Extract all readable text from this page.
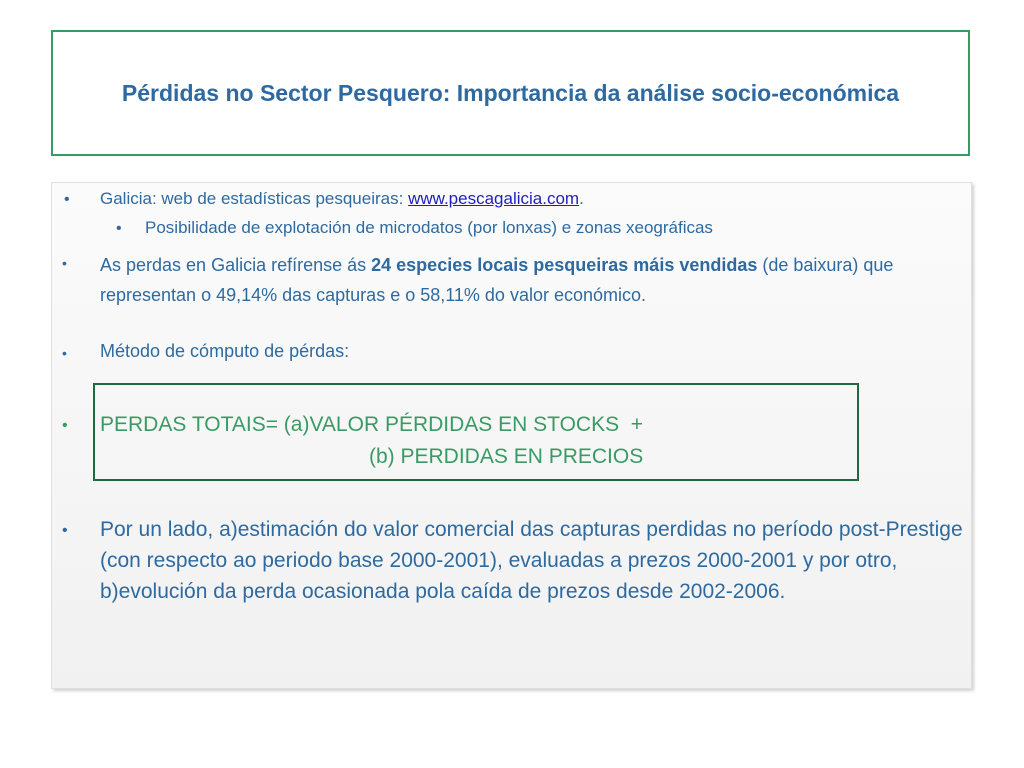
Pérdidas no Sector Pesquero: Importancia da análise socio-económica
• Galicia: web de estadísticas pesqueiras: www.pescagalicia.com.
• Posibilidade de explotación de microdatos (por lonxas) e zonas xeográficas
• As perdas en Galicia refírense ás 24 especies locais pesqueiras máis vendidas (de baixura) que representan o 49,14% das capturas e o 58,11% do valor económico.
• Método de cómputo de pérdas:
• PERDAS TOTAIS= (a)VALOR PÉRDIDAS EN STOCKS  +
(b) PERDIDAS EN PRECIOS
• Por un lado, a)estimación do valor comercial das capturas perdidas no período post-Prestige (con respecto ao periodo base 2000-2001), evaluadas a prezos 2000-2001 y por otro, b)evolución da perda ocasionada pola caída de prezos desde 2002-2006.
